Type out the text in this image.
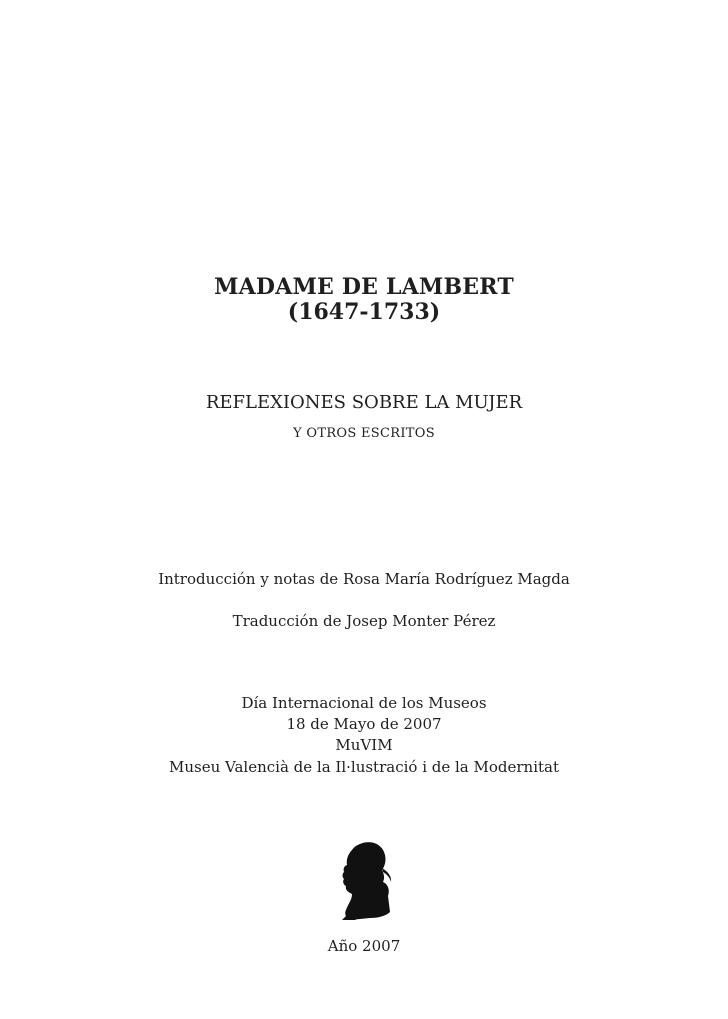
MADAME DE LAMBERT

(1647-1733)

REFLEXIONES SOBRE LA MUJER

Y OTROS ESCRITOS

Introducción y notas de Rosa María Rodríguez Magda

Traducción de Josep Monter Pérez

Día Internacional de los Museos

18 de Mayo de 2007

MuVIM

Museu Valencià de la Il·lustració i de la Modernitat

Año 2007
